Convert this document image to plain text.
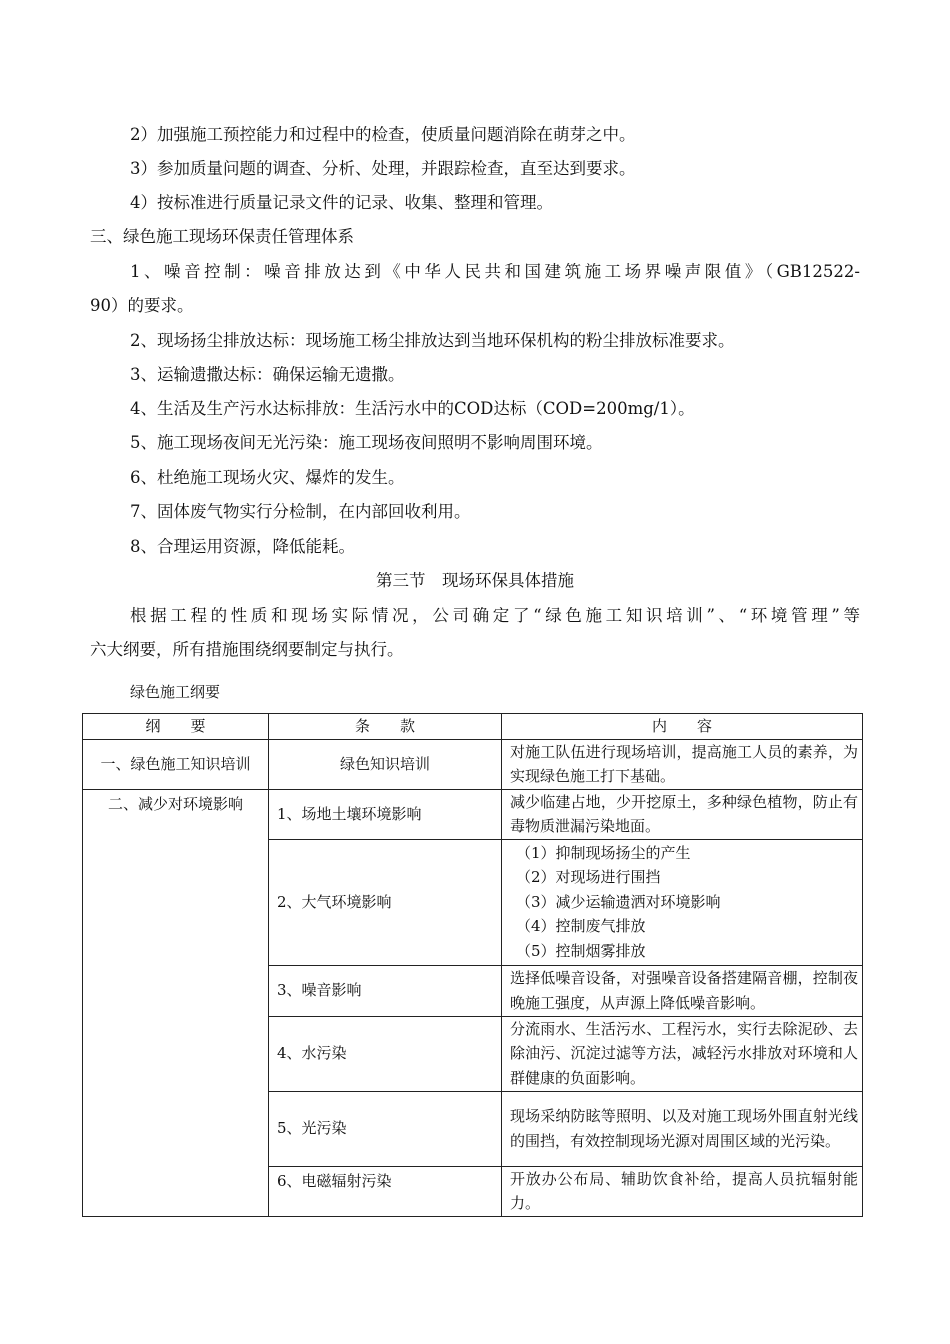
2）加强施工预控能力和过程中的检查，使质量问题消除在萌芽之中。
3）参加质量问题的调查、分析、处理，并跟踪检查，直至达到要求。
4）按标准进行质量记录文件的记录、收集、整理和管理。
三、绿色施工现场环保责任管理体系
1、噪音控制：噪音排放达到《中华人民共和国建筑施工场界噪声限值》（GB12522-
90）的要求。
2、现场扬尘排放达标：现场施工杨尘排放达到当地环保机构的粉尘排放标准要求。
3、运输遗撒达标：确保运输无遗撒。
4、生活及生产污水达标排放：生活污水中的COD达标（COD=200mg/1）。
5、施工现场夜间无光污染：施工现场夜间照明不影响周围环境。
6、杜绝施工现场火灾、爆炸的发生。
7、固体废气物实行分检制，在内部回收利用。
8、合理运用资源，降低能耗。
第三节　现场环保具体措施
根据工程的性质和现场实际情况，公司确定了“绿色施工知识培训”、“环境管理”等
六大纲要，所有措施围绕纲要制定与执行。
绿色施工纲要
纲　　要	条　　款	内　　容
一、绿色施工知识培训	绿色知识培训	对施工队伍进行现场培训，提高施工人员的素养，为实现绿色施工打下基础。
二、减少对环境影响	1、场地土壤环境影响	减少临建占地，少开挖原土，多种绿色植物，防止有毒物质泄漏污染地面。
	2、大气环境影响	（1）抑制现场扬尘的产生
（2）对现场进行围挡
（3）减少运输遗洒对环境影响
（4）控制废气排放
（5）控制烟雾排放

	3、噪音影响	选择低噪音设备，对强噪音设备搭建隔音棚，控制夜晚施工强度，从声源上降低噪音影响。
	4、水污染	分流雨水、生活污水、工程污水，实行去除泥砂、去除油污、沉淀过滤等方法，减轻污水排放对环境和人群健康的负面影响。
	5、光污染	现场采纳防眩等照明、以及对施工现场外围直射光线的围挡，有效控制现场光源对周围区域的光污染。
	6、电磁辐射污染	开放办公布局、辅助饮食补给，提高人员抗辐射能力。
